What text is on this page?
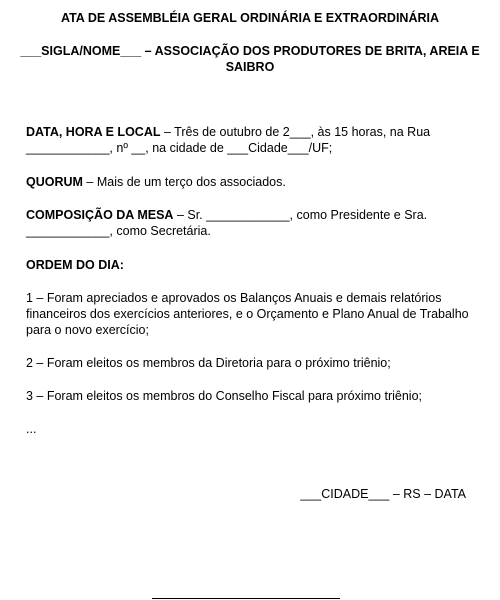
ATA DE ASSEMBLÉIA GERAL ORDINÁRIA E EXTRAORDINÁRIA
___SIGLA/NOME___ – ASSOCIAÇÃO DOS PRODUTORES DE BRITA, AREIA E SAIBRO
DATA, HORA E LOCAL – Três de outubro de 2___, às 15 horas, na Rua
____________, nº __, na cidade de ___Cidade___/UF;
QUORUM – Mais de um terço dos associados.
COMPOSIÇÃO DA MESA – Sr. ____________, como Presidente e Sra.
____________, como Secretária.
ORDEM DO DIA:
1 – Foram apreciados e aprovados os Balanços Anuais e demais relatórios financeiros dos exercícios anteriores, e o Orçamento e Plano Anual de Trabalho para o novo exercício;
2 – Foram eleitos os membros da Diretoria para o próximo triênio;
3 – Foram eleitos os membros do Conselho Fiscal para próximo triênio;
...
___CIDADE___ – RS – DATA
